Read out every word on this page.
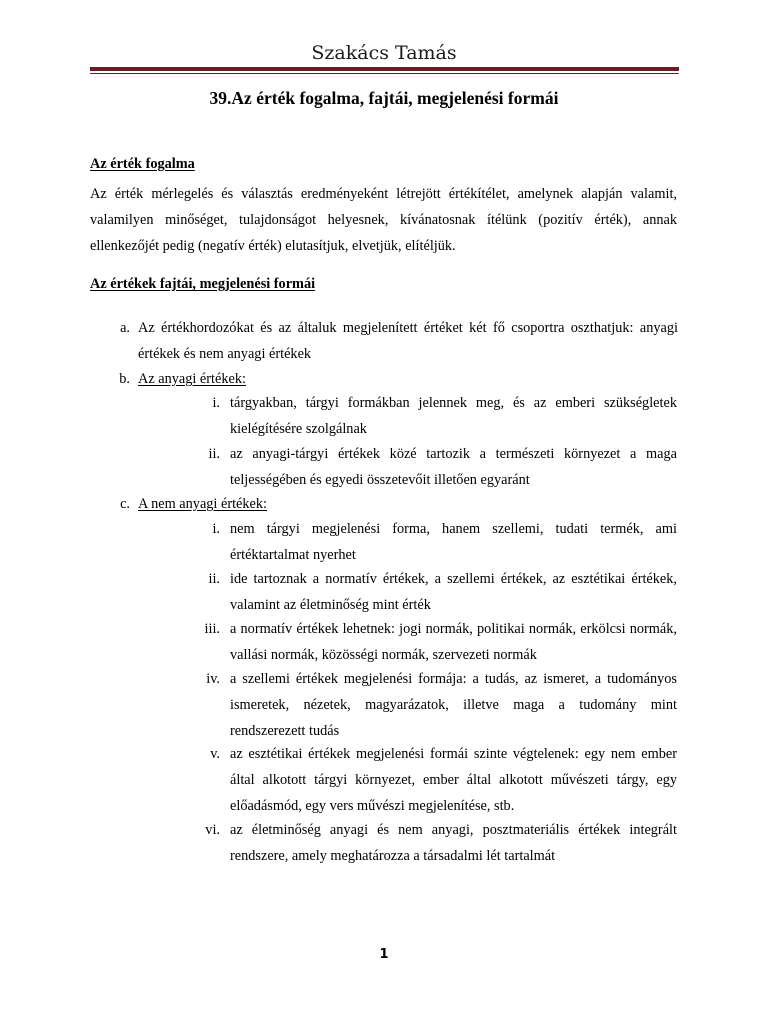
Szakács Tamás
39.Az érték fogalma, fajtái, megjelenési formái
Az érték fogalma
Az érték mérlegelés és választás eredményeként létrejött értékítélet, amelynek alapján valamit, valamilyen minőséget, tulajdonságot helyesnek, kívánatosnak ítélünk (pozitív érték), annak ellenkezőjét pedig (negatív érték) elutasítjuk, elvetjük, elítéljük.
Az értékek fajtái, megjelenési formái
a. Az értékhordozókat és az általuk megjelenített értéket két fő csoportra oszthatjuk: anyagi értékek és nem anyagi értékek
b. Az anyagi értékek:
i. tárgyakban, tárgyi formákban jelennek meg, és az emberi szükségletek kielégítésére szolgálnak
ii. az anyagi-tárgyi értékek közé tartozik a természeti környezet a maga teljességében és egyedi összetevőit illetően egyaránt
c. A nem anyagi értékek:
i. nem tárgyi megjelenési forma, hanem szellemi, tudati termék, ami értéktartalmat nyerhet
ii. ide tartoznak a normatív értékek, a szellemi értékek, az esztétikai értékek, valamint az életminőség mint érték
iii. a normatív értékek lehetnek: jogi normák, politikai normák, erkölcsi normák, vallási normák, közösségi normák, szervezeti normák
iv. a szellemi értékek megjelenési formája: a tudás, az ismeret, a tudományos ismeretek, nézetek, magyarázatok, illetve maga a tudomány mint rendszerezett tudás
v. az esztétikai értékek megjelenési formái szinte végtelenek: egy nem ember által alkotott tárgyi környezet, ember által alkotott művészeti tárgy, egy előadásmód, egy vers művészi megjelenítése, stb.
vi. az életminőség anyagi és nem anyagi, posztmateriális értékek integrált rendszere, amely meghatározza a társadalmi lét tartalmát
1
